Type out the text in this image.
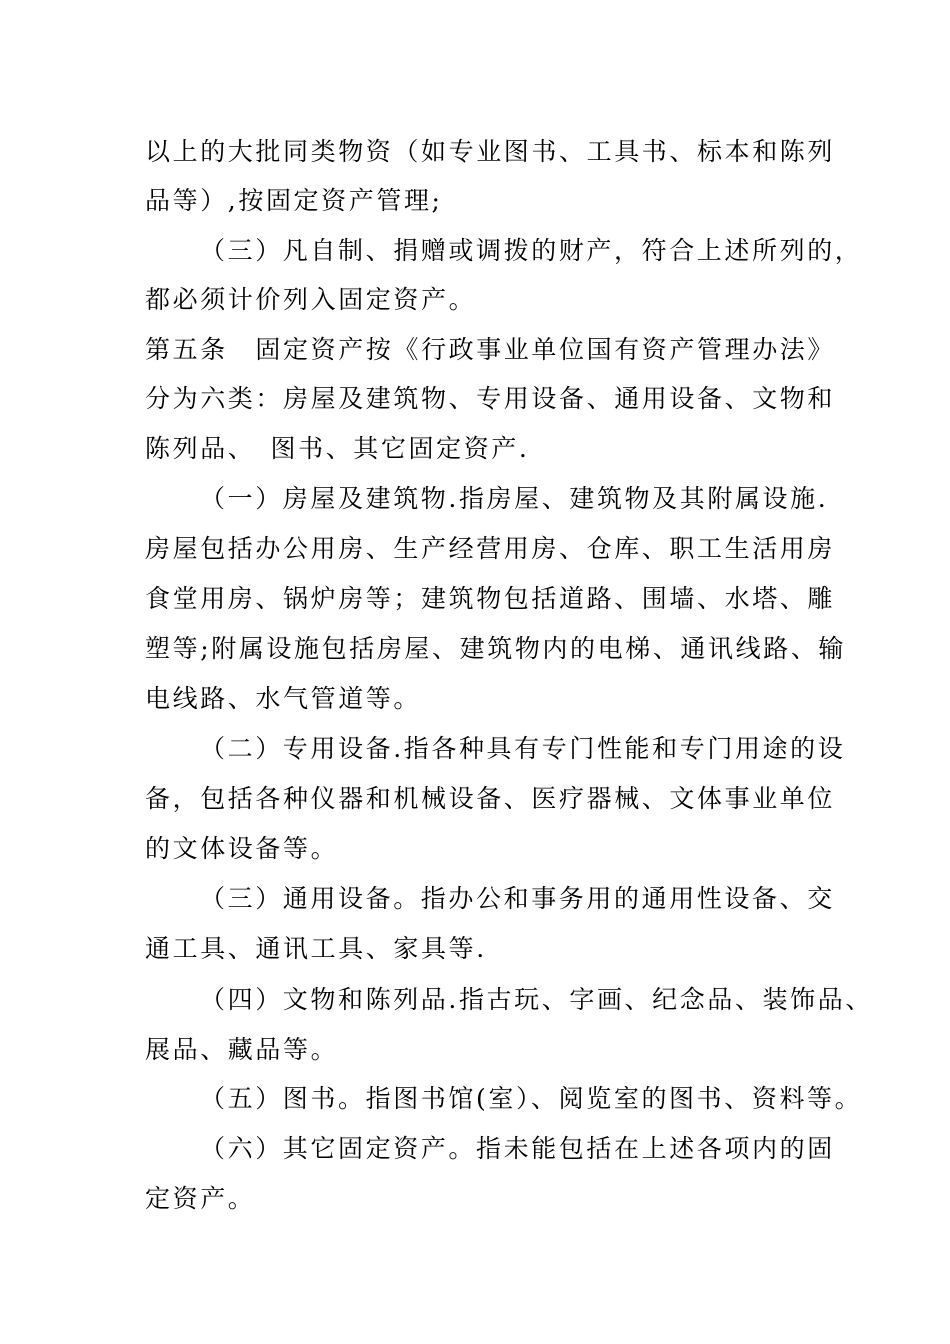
以上的大批同类物资（如专业图书、工具书、标本和陈列
品等）,按固定资产管理;
（三）凡自制、捐赠或调拨的财产，符合上述所列的，
都必须计价列入固定资产。
第五条　固定资产按《行政事业单位国有资产管理办法》
分为六类：房屋及建筑物、专用设备、通用设备、文物和
陈列品、　图书、其它固定资产.
（一）房屋及建筑物.指房屋、建筑物及其附属设施.
房屋包括办公用房、生产经营用房、仓库、职工生活用房
食堂用房、锅炉房等；建筑物包括道路、围墙、水塔、雕
塑等;附属设施包括房屋、建筑物内的电梯、通讯线路、输
电线路、水气管道等。
（二）专用设备.指各种具有专门性能和专门用途的设
备，包括各种仪器和机械设备、医疗器械、文体事业单位
的文体设备等。
（三）通用设备。指办公和事务用的通用性设备、交
通工具、通讯工具、家具等.
（四）文物和陈列品.指古玩、字画、纪念品、装饰品、
展品、藏品等。
（五）图书。指图书馆(室）、阅览室的图书、资料等。
（六）其它固定资产。指未能包括在上述各项内的固
定资产。
